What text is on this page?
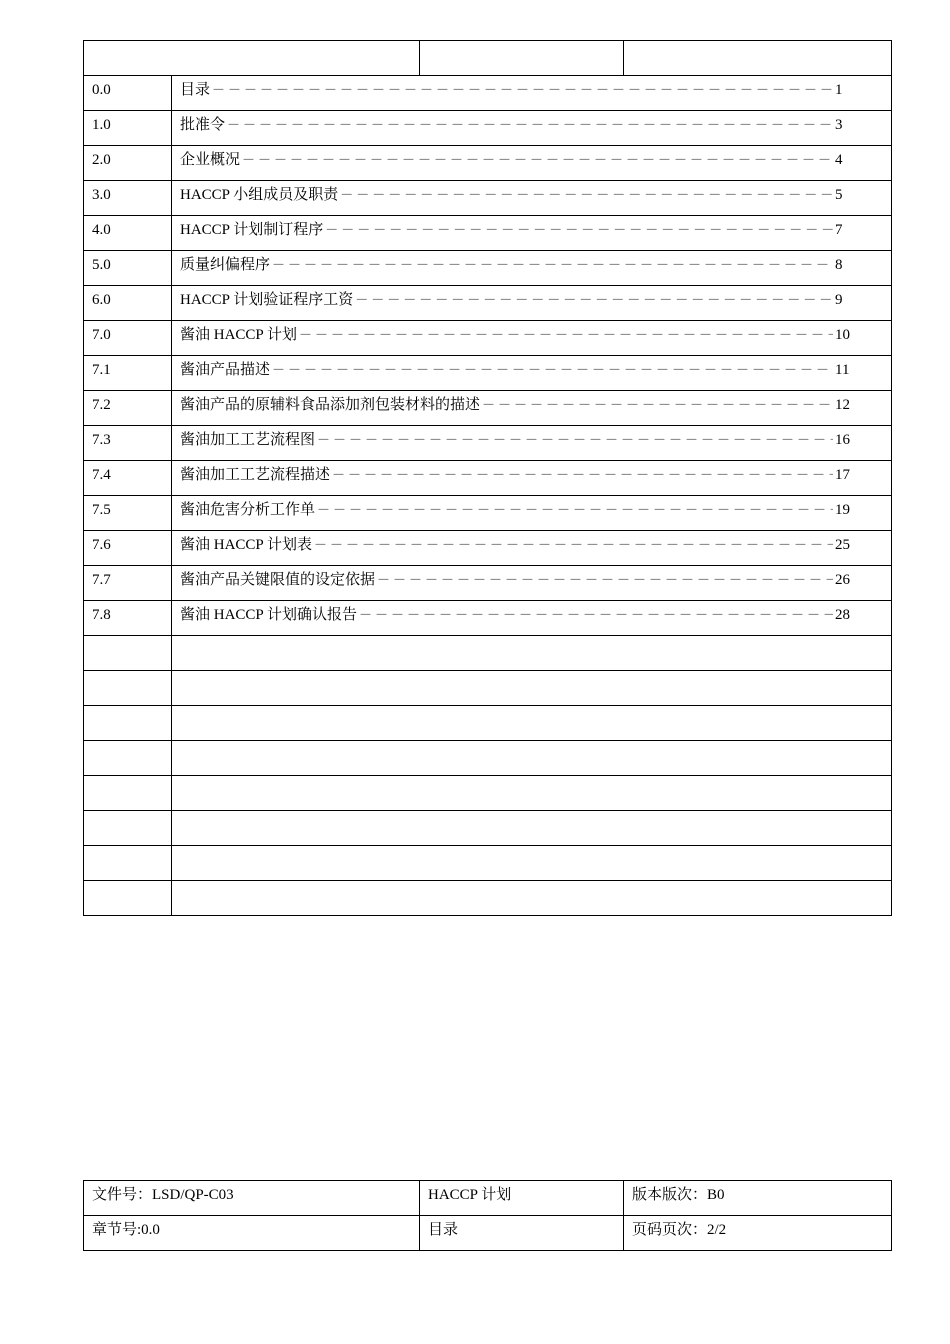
0.0	目录 －－－－－－－－－－－－－－－－－－－－－－－－－－－－－－－－－－－－－－－－－－－－－－－－－－－－－－－－－－－－－－ 1

1.0	批准令 －－－－－－－－－－－－－－－－－－－－－－－－－－－－－－－－－－－－－－－－－－－－－－－－－－－－－－－－－－－－－－ 3

2.0	企业概况 －－－－－－－－－－－－－－－－－－－－－－－－－－－－－－－－－－－－－－－－－－－－－－－－－－－－－－－－－－－－－－ 4

3.0	HACCP 小组成员及职责 －－－－－－－－－－－－－－－－－－－－－－－－－－－－－－－－－－－－－－－－－－－－－－－－－－－－－－－－－－－－－－ 5

4.0	HACCP 计划制订程序 －－－－－－－－－－－－－－－－－－－－－－－－－－－－－－－－－－－－－－－－－－－－－－－－－－－－－－－－－－－－－－ 7

5.0	质量纠偏程序 －－－－－－－－－－－－－－－－－－－－－－－－－－－－－－－－－－－－－－－－－－－－－－－－－－－－－－－－－－－－－－ 8

6.0	HACCP 计划验证程序工资 －－－－－－－－－－－－－－－－－－－－－－－－－－－－－－－－－－－－－－－－－－－－－－－－－－－－－－－－－－－－－－ 9

7.0	酱油 HACCP 计划 －－－－－－－－－－－－－－－－－－－－－－－－－－－－－－－－－－－－－－－－－－－－－－－－－－－－－－－－－－－－－－ 10

7.1	酱油产品描述 －－－－－－－－－－－－－－－－－－－－－－－－－－－－－－－－－－－－－－－－－－－－－－－－－－－－－－－－－－－－－－ 11

7.2	酱油产品的原辅料食品添加剂包装材料的描述 －－－－－－－－－－－－－－－－－－－－－－－－－－－－－－－－－－－－－－－－－－－－－－－－－－－－－－－－－－－－－－ 12

7.3	酱油加工工艺流程图 －－－－－－－－－－－－－－－－－－－－－－－－－－－－－－－－－－－－－－－－－－－－－－－－－－－－－－－－－－－－－－ 16

7.4	酱油加工工艺流程描述 －－－－－－－－－－－－－－－－－－－－－－－－－－－－－－－－－－－－－－－－－－－－－－－－－－－－－－－－－－－－－－ 17

7.5	酱油危害分析工作单 －－－－－－－－－－－－－－－－－－－－－－－－－－－－－－－－－－－－－－－－－－－－－－－－－－－－－－－－－－－－－－ 19

7.6	酱油 HACCP 计划表 －－－－－－－－－－－－－－－－－－－－－－－－－－－－－－－－－－－－－－－－－－－－－－－－－－－－－－－－－－－－－－ 25

7.7	酱油产品关键限值的设定依据 －－－－－－－－－－－－－－－－－－－－－－－－－－－－－－－－－－－－－－－－－－－－－－－－－－－－－－－－－－－－－－ 26

7.8	酱油 HACCP 计划确认报告 －－－－－－－－－－－－－－－－－－－－－－－－－－－－－－－－－－－－－－－－－－－－－－－－－－－－－－－－－－－－－－ 28

文件号：LSD/QP-C03	HACCP 计划	版本版次：B0
章节号:0.0	目录	页码页次：2/2
